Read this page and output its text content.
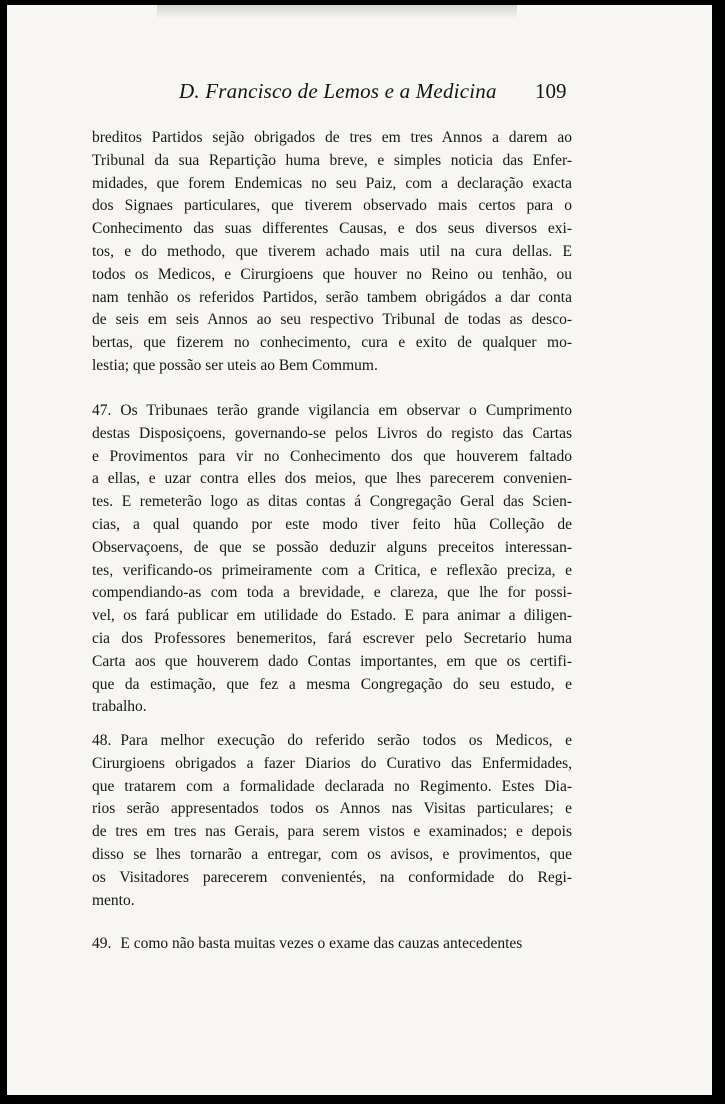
D. Francisco de Lemos e a Medicina 109
breditos Partidos sejão obrigados de tres em tres Annos a darem ao
Tribunal da sua Repartição huma breve, e simples noticia das Enfer-
midades, que forem Endemicas no seu Paiz, com a declaração exacta
dos Signaes particulares, que tiverem observado mais certos para o
Conhecimento das suas differentes Causas, e dos seus diversos exi-
tos, e do methodo, que tiverem achado mais util na cura dellas. E
todos os Medicos, e Cirurgioens que houver no Reino ou tenhão, ou
nam tenhão os referidos Partidos, serão tambem obrigádos a dar conta
de seis em seis Annos ao seu respectivo Tribunal de todas as desco-
bertas, que fizerem no conhecimento, cura e exito de qualquer mo-
lestia; que possão ser uteis ao Bem Commum.
47. Os Tribunaes terão grande vigilancia em observar o Cumprimento
destas Disposiçoens, governando-se pelos Livros do registo das Cartas
e Provimentos para vir no Conhecimento dos que houverem faltado
a ellas, e uzar contra elles dos meios, que lhes parecerem convenien-
tes. E remeterão logo as ditas contas á Congregação Geral das Scien-
cias, a qual quando por este modo tiver feito hũa Colleção de
Observaçoens, de que se possão deduzir alguns preceitos interessan-
tes, verificando-os primeiramente com a Critica, e reflexão preciza, e
compendiando-as com toda a brevidade, e clareza, que lhe for possi-
vel, os fará publicar em utilidade do Estado. E para animar a diligen-
cia dos Professores benemeritos, fará escrever pelo Secretario huma
Carta aos que houverem dado Contas importantes, em que os certifi-
que da estimação, que fez a mesma Congregação do seu estudo, e
trabalho.
48. Para melhor execução do referido serão todos os Medicos, e
Cirurgioens obrigados a fazer Diarios do Curativo das Enfermidades,
que tratarem com a formalidade declarada no Regimento. Estes Dia-
rios serão appresentados todos os Annos nas Visitas particulares; e
de tres em tres nas Gerais, para serem vistos e examinados; e depois
disso se lhes tornarão a entregar, com os avisos, e provimentos, que
os Visitadores parecerem convenientés, na conformidade do Regi-
mento.
49. E como não basta muitas vezes o exame das cauzas antecedentes
